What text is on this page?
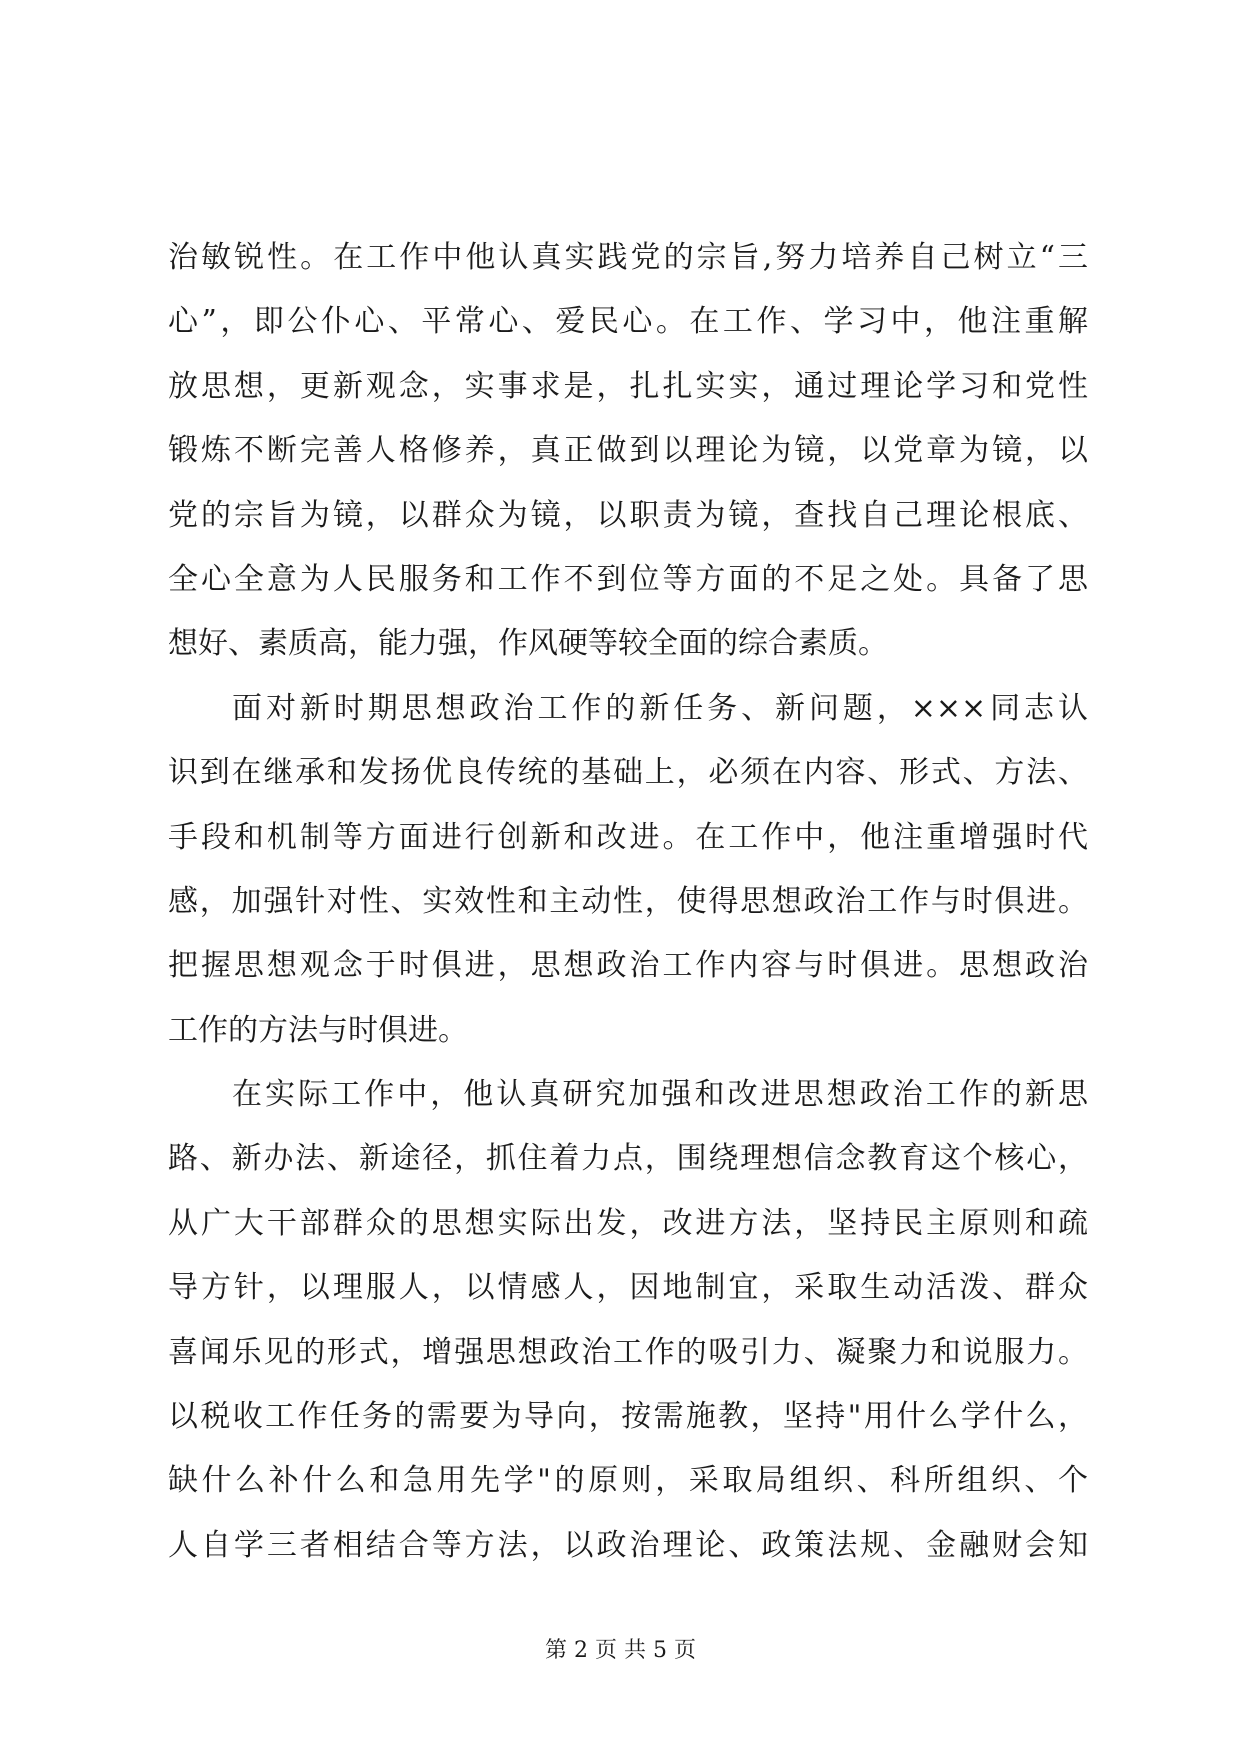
治敏锐性。在工作中他认真实践党的宗旨,努力培养自己树立“三
心”，即公仆心、平常心、爱民心。在工作、学习中，他注重解
放思想，更新观念，实事求是，扎扎实实，通过理论学习和党性
锻炼不断完善人格修养，真正做到以理论为镜，以党章为镜，以
党的宗旨为镜，以群众为镜，以职责为镜，查找自己理论根底、
全心全意为人民服务和工作不到位等方面的不足之处。具备了思
想好、素质高，能力强，作风硬等较全面的综合素质。
面对新时期思想政治工作的新任务、新问题，×××同志认
识到在继承和发扬优良传统的基础上，必须在内容、形式、方法、
手段和机制等方面进行创新和改进。在工作中，他注重增强时代
感，加强针对性、实效性和主动性，使得思想政治工作与时俱进。
把握思想观念于时俱进，思想政治工作内容与时俱进。思想政治
工作的方法与时俱进。
在实际工作中，他认真研究加强和改进思想政治工作的新思
路、新办法、新途径，抓住着力点，围绕理想信念教育这个核心，
从广大干部群众的思想实际出发，改进方法，坚持民主原则和疏
导方针，以理服人，以情感人，因地制宜，采取生动活泼、群众
喜闻乐见的形式，增强思想政治工作的吸引力、凝聚力和说服力。
以税收工作任务的需要为导向，按需施教，坚持"用什么学什么，
缺什么补什么和急用先学"的原则，采取局组织、科所组织、个
人自学三者相结合等方法，以政治理论、政策法规、金融财会知
第 2 页 共 5 页
